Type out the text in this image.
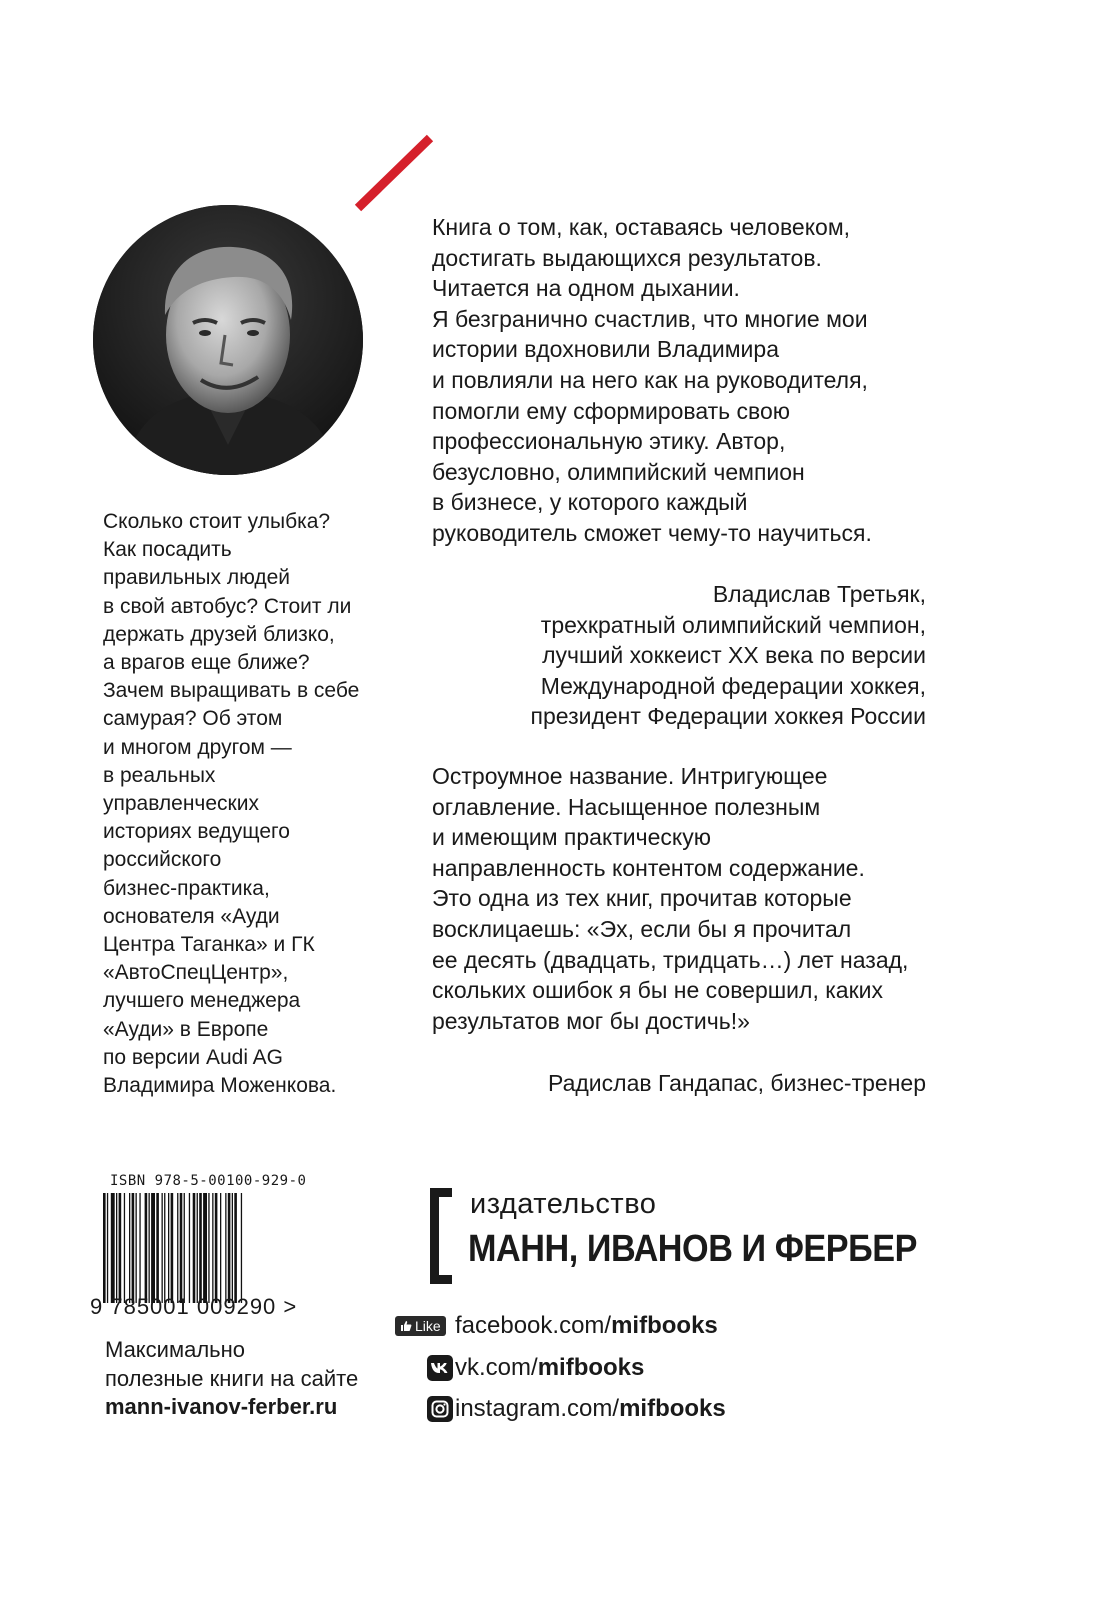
Сколько стоит улыбка?
Как посадить
правильных людей
в свой автобус? Стоит ли
держать друзей близко,
а врагов еще ближе?
Зачем выращивать в себе
самурая? Об этом
и многом другом —
в реальных
управленческих
историях ведущего
российского
бизнес-практика,
основателя «Ауди
Центра Таганка» и ГК
«АвтоСпецЦентр»,
лучшего менеджера
«Ауди» в Европе
по версии Audi AG
Владимира Моженкова.
Книга о том, как, оставаясь человеком,
достигать выдающихся результатов.
Читается на одном дыхании.
Я безгранично счастлив, что многие мои
истории вдохновили Владимира
и повлияли на него как на руководителя,
помогли ему сформировать свою
профессиональную этику. Автор,
безусловно, олимпийский чемпион
в бизнесе, у которого каждый
руководитель сможет чему-то научиться.
Владислав Третьяк,
трехкратный олимпийский чемпион,
лучший хоккеист XX века по версии
Международной федерации хоккея,
президент Федерации хоккея России
Остроумное название. Интригующее
оглавление. Насыщенное полезным
и имеющим практическую
направленность контентом содержание.
Это одна из тех книг, прочитав которые
восклицаешь: «Эх, если бы я прочитал
ее десять (двадцать, тридцать…) лет назад,
скольких ошибок я бы не совершил, каких
результатов мог бы достичь!»
Радислав Гандапас, бизнес-тренер
ISBN 978-5-00100-929-0
9 785001 009290 >
Максимально
полезные книги на сайте
mann-ivanov-ferber.ru
издательство
МАНН, ИВАНОВ И ФЕРБЕР
Like facebook.com/mifbooks
vk.com/mifbooks
instagram.com/mifbooks
